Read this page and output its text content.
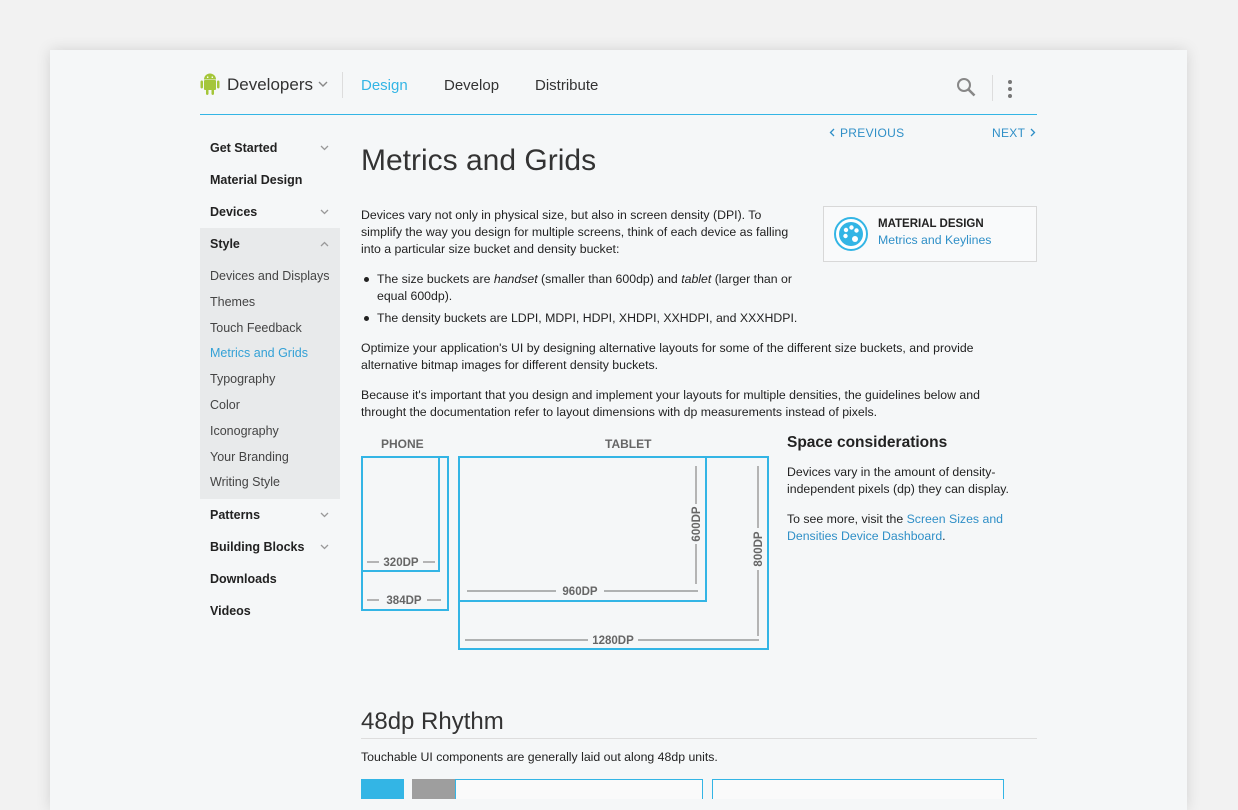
Developers	Design Develop Distribute
Get Started
Material Design
Devices
Style
Devices and Displays
Themes
Touch Feedback
Metrics and Grids
Typography
Color
Iconography
Your Branding
Writing Style
Patterns
Building Blocks
Downloads
Videos
PREVIOUS	NEXT
Metrics and Grids

Devices vary not only in physical size, but also in screen density (DPI). To simplify the way you design for multiple screens, think of each device as falling into a particular size bucket and density bucket:

MATERIAL DESIGN
Metrics and Keylines
The size buckets are handset (smaller than 600dp) and tablet (larger than or equal 600dp).
The density buckets are LDPI, MDPI, HDPI, XHDPI, XXHDPI, and XXXHDPI.

Optimize your application's UI by designing alternative layouts for some of the different size buckets, and provide alternative bitmap images for different density buckets.

Because it's important that you design and implement your layouts for multiple densities, the guidelines below and throught the documentation refer to layout dimensions with dp measurements instead of pixels.

PHONE	TABLET
320DP
384DP
960DP
600DP
800DP
1280DP
Space considerations

Devices vary in the amount of density-independent pixels (dp) they can display.

To see more, visit the Screen Sizes and Densities Device Dashboard.

48dp Rhythm
Touchable UI components are generally laid out along 48dp units.
